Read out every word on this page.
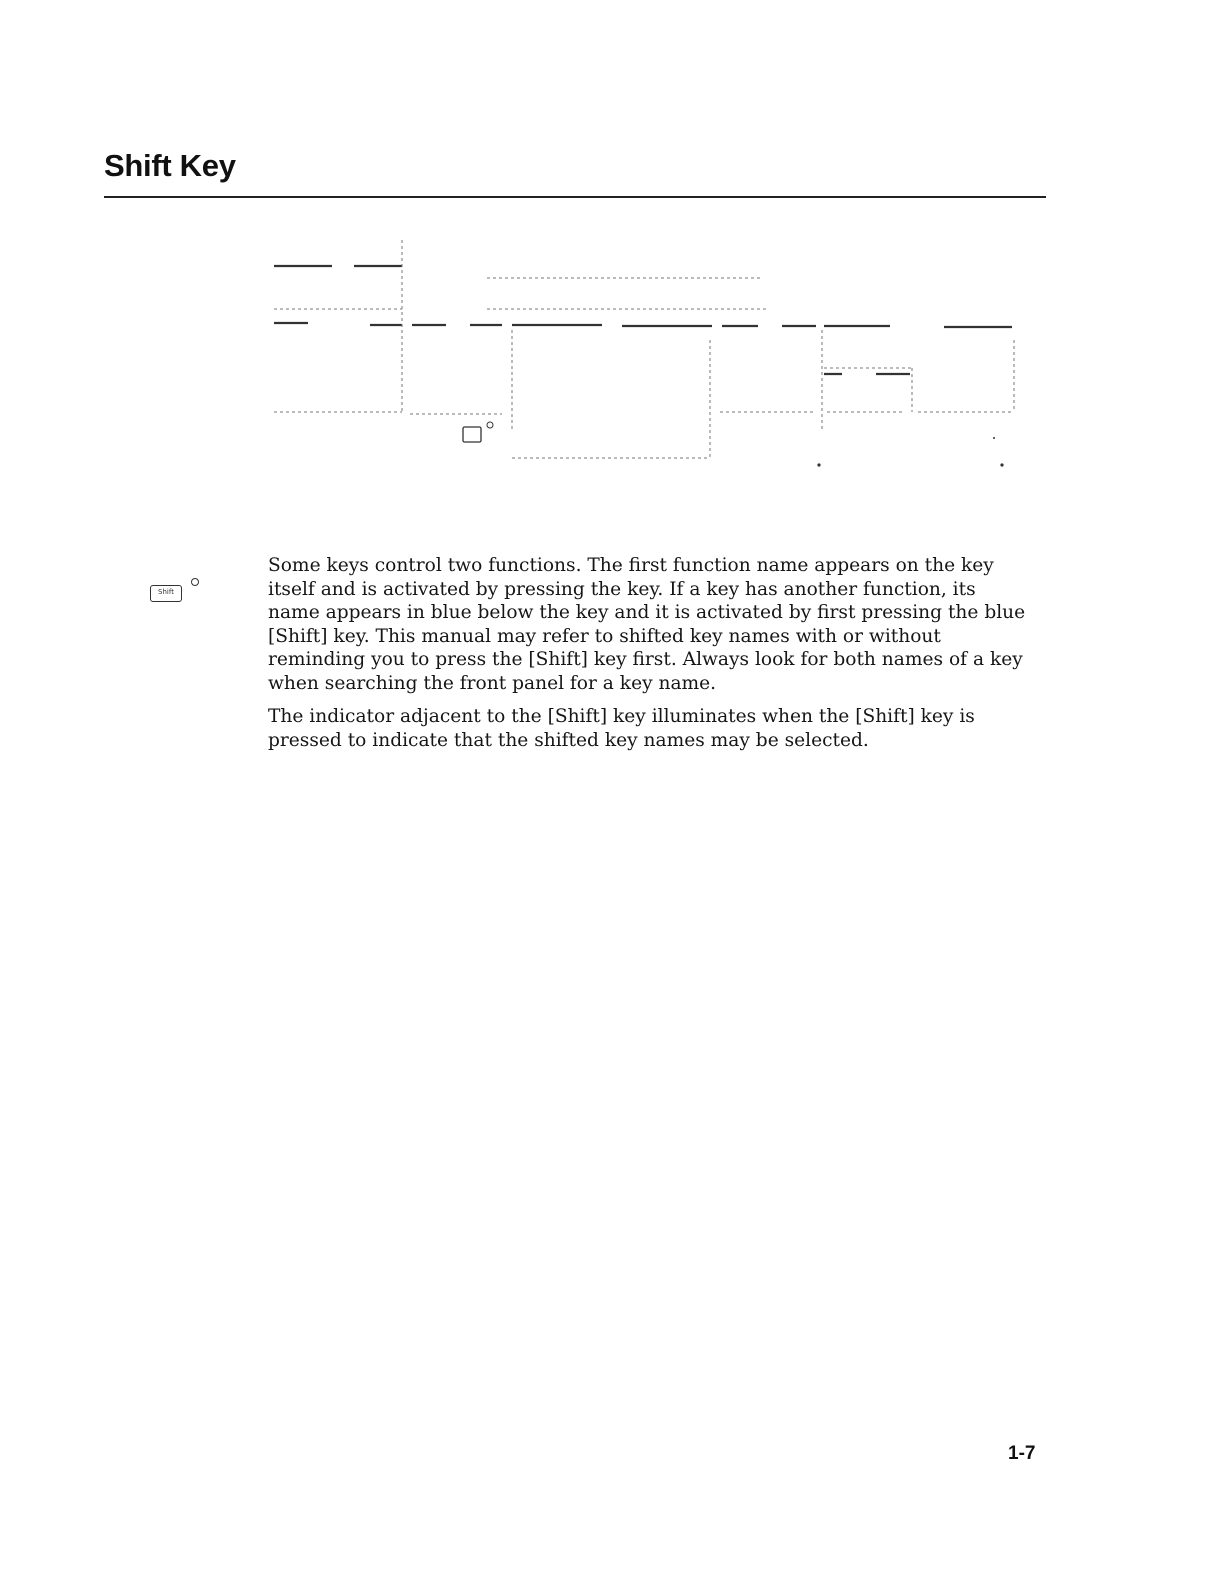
Shift Key
Shift

Some keys control two functions. The first function name appears on the key itself and is activated by pressing the key. If a key has another function, its name appears in blue below the key and it is activated by first pressing the blue [Shift] key. This manual may refer to shifted key names with or without reminding you to press the [Shift] key first. Always look for both names of a key when searching the front panel for a key name.

The indicator adjacent to the [Shift] key illuminates when the [Shift] key is pressed to indicate that the shifted key names may be selected.

1-7
